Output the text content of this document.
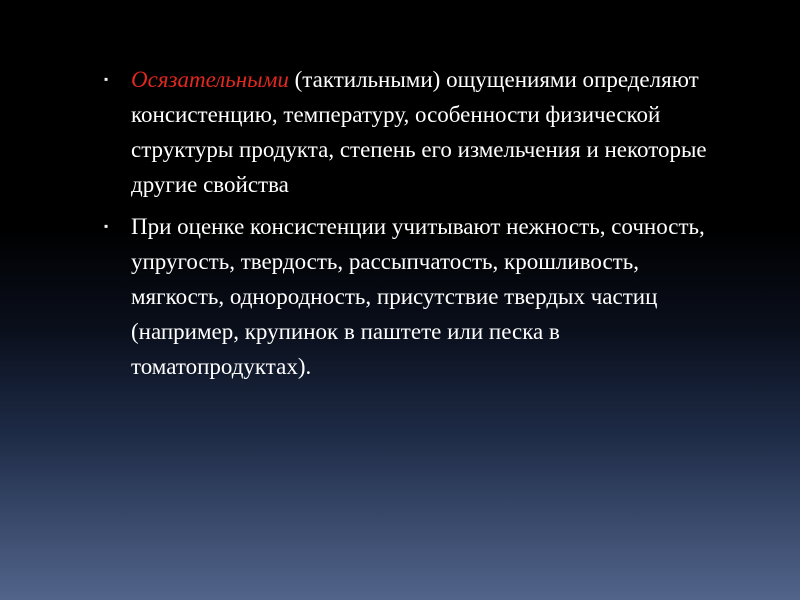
▪ Осязательными (тактильными) ощущениями определяют консистенцию, температуру, особенности физической структуры продукта, степень его измельчения и некоторые другие свойства

▪ При оценке консистенции учитывают нежность, сочность, упругость, твердость, рассыпчатость, крошливость, мягкость, однородность, присутствие твердых частиц (например, крупинок в паштете или песка в томатопродуктах).
